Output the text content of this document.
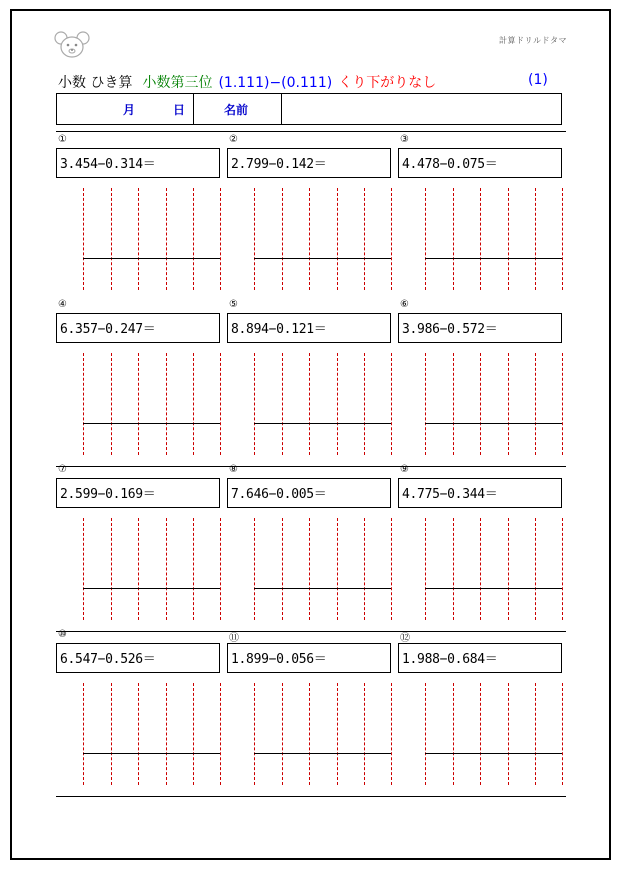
計算ドリルドタマ
小数 ひき算 小数第三位 (1.111)−(0.111) くり下がりなし	(1)
月	日	名前
①
3.454−0.314＝
②
2.799−0.142＝
③
4.478−0.075＝
④
6.357−0.247＝
⑤
8.894−0.121＝
⑥
3.986−0.572＝
⑦
2.599−0.169＝
⑧
7.646−0.005＝
⑨
4.775−0.344＝
⑩
6.547−0.526＝
⑪
1.899−0.056＝
⑫
1.988−0.684＝
